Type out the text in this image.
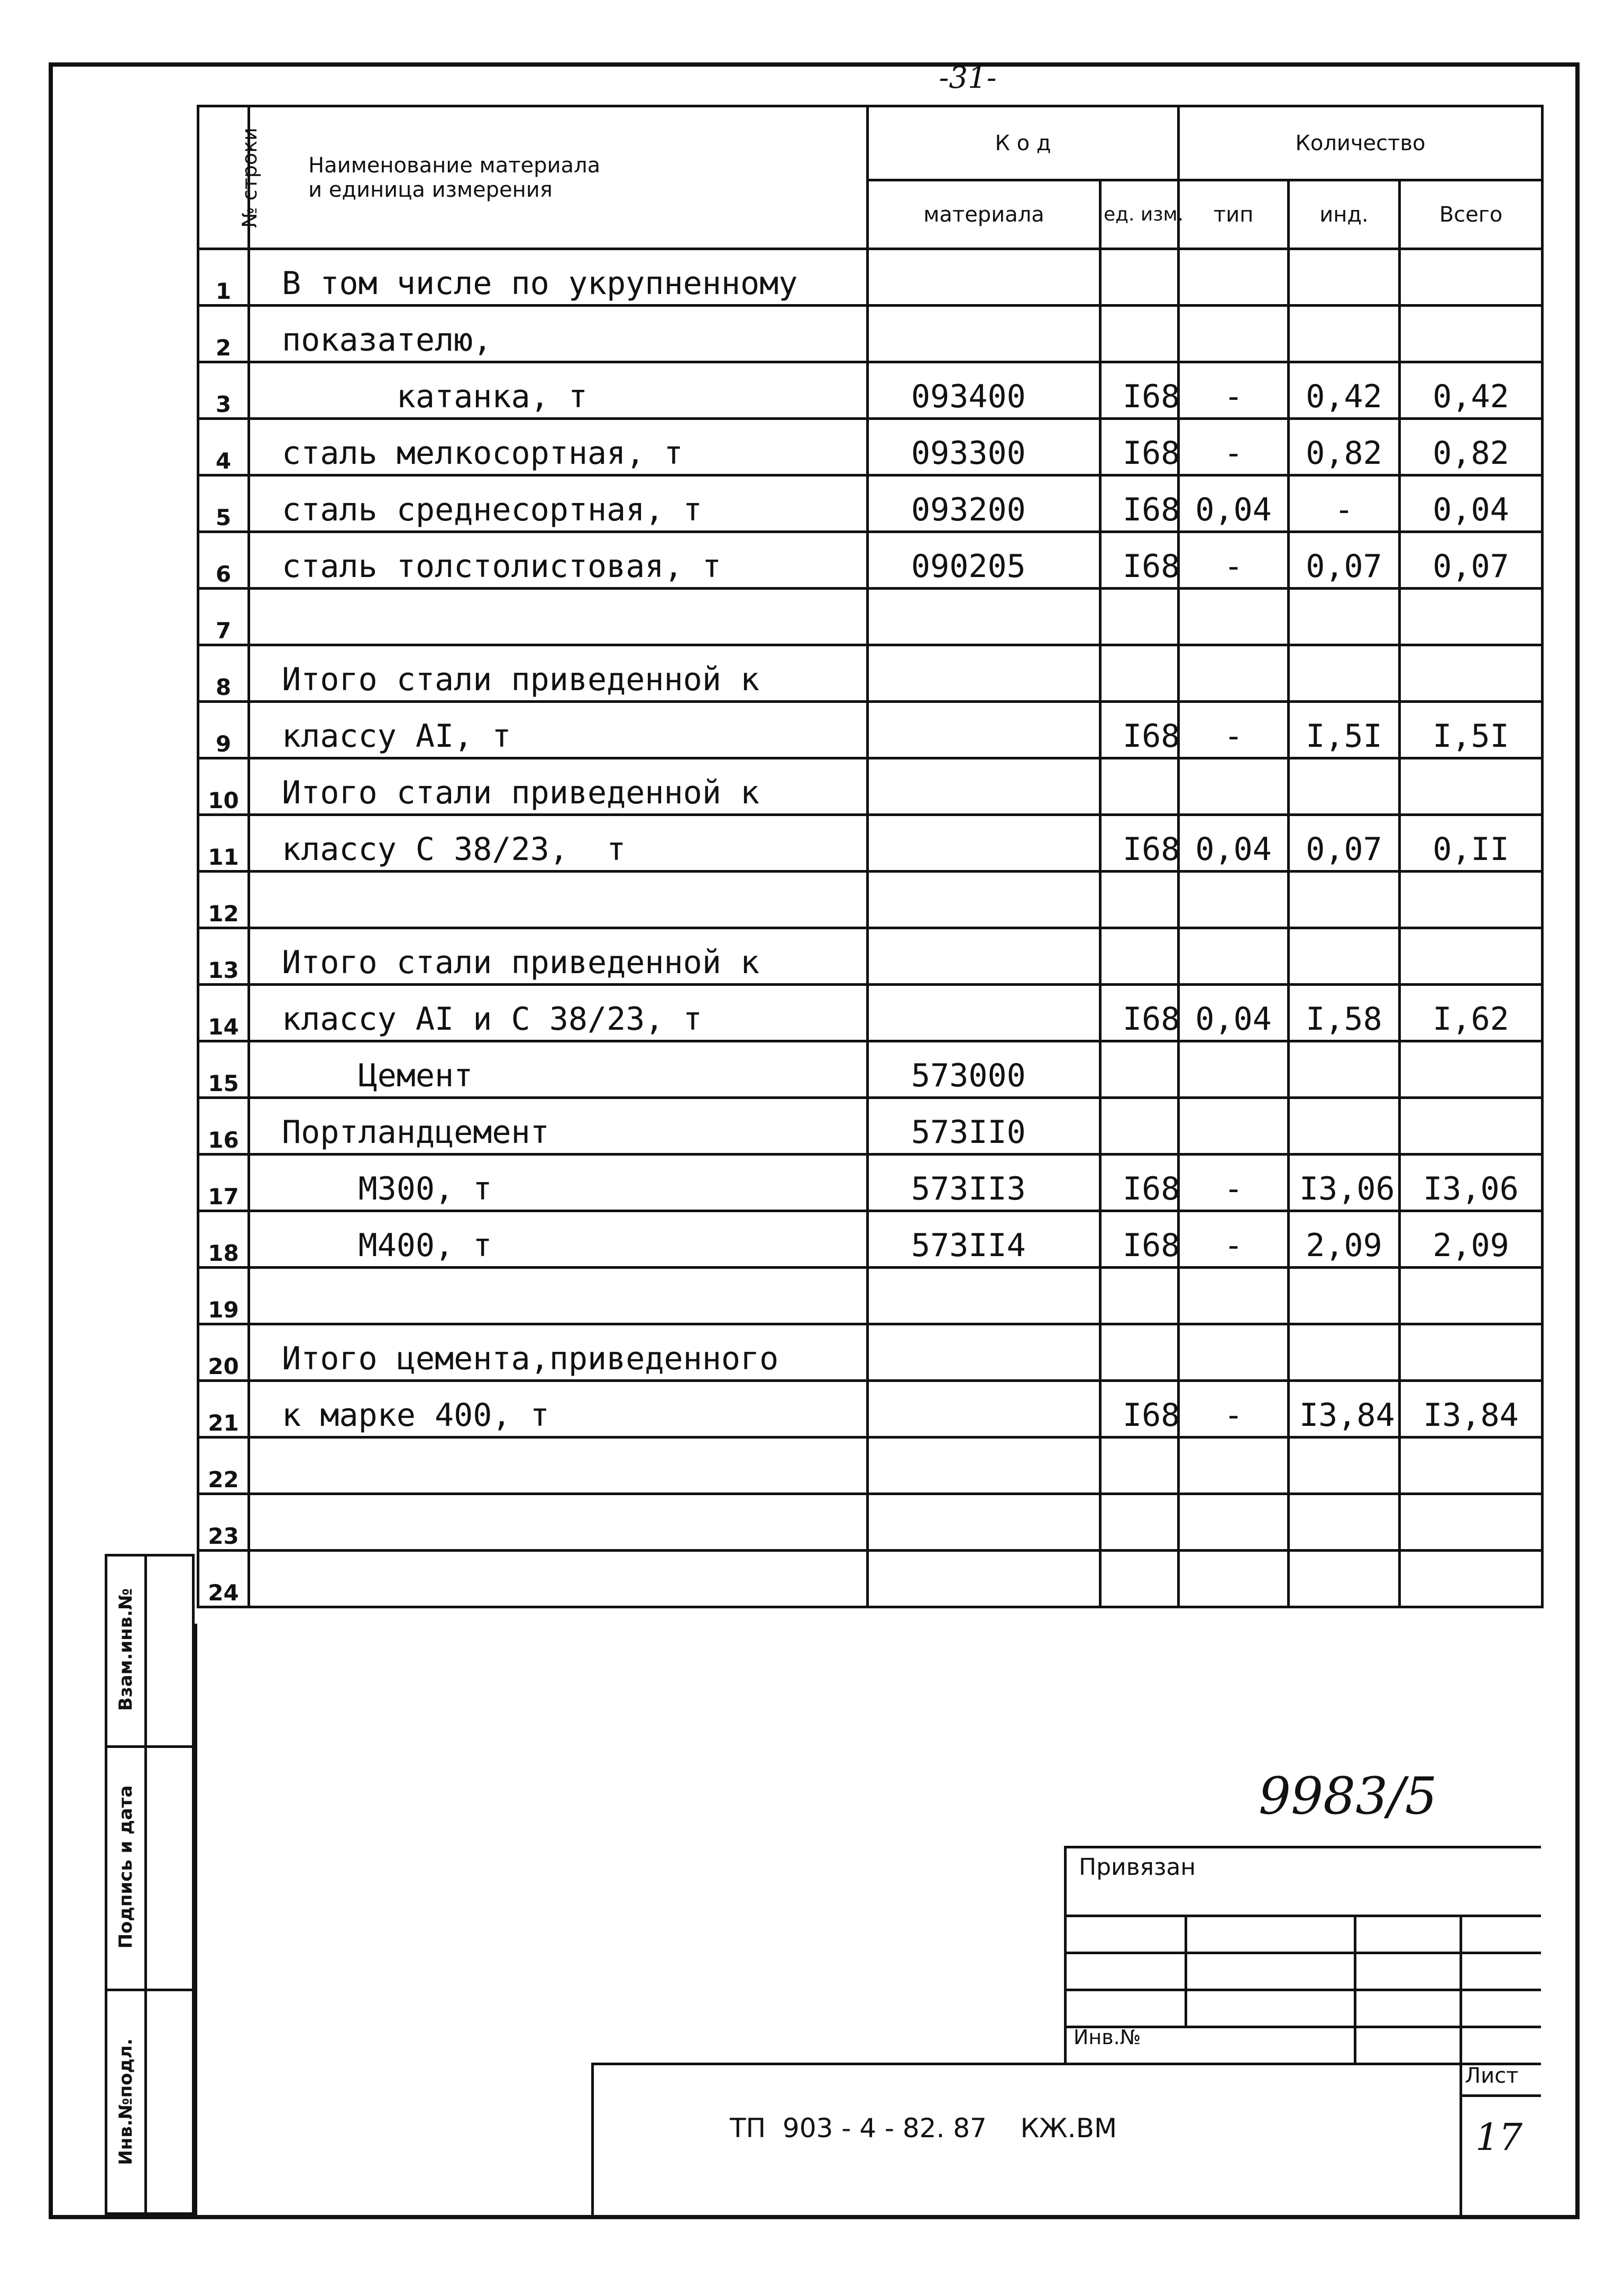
-31-
№ строки	Наименование материала
и единица измерения	К о д		Количество		
		материала	ед. изм.	тип	инд.	Всего
1	В том числе по укрупненному					
2	показателю,					
3	катанка, т	093400	I68	-	0,42	0,42
4	сталь мелкосортная, т	093300	I68	-	0,82	0,82
5	сталь среднесортная, т	093200	I68	0,04	-	0,04
6	сталь толстолистовая, т	090205	I68	-	0,07	0,07
7						
8	Итого стали приведенной к					
9	классу AI, т		I68	-	I,5I	I,5I
10	Итого стали приведенной к					
11	классу С 38/23,  т		I68	0,04	0,07	0,II
12						
13	Итого стали приведенной к					
14	классу AI и С 38/23, т		I68	0,04	I,58	I,62
15	Цемент	573000				
16	Портландцемент	573II0				
17	М300, т	573II3	I68	-	I3,06	I3,06
18	М400, т	573II4	I68	-	2,09	2,09
19						
20	Итого цемента,приведенного					
21	к марке 400, т		I68	-	I3,84	I3,84
22						
23						
24						
Взам.инв.№
Подпись и дата
Инв.№подл.
9983/5
Привязан
Инв.№
ТП  903 - 4 - 82. 87    КЖ.ВМ
Лист
17
